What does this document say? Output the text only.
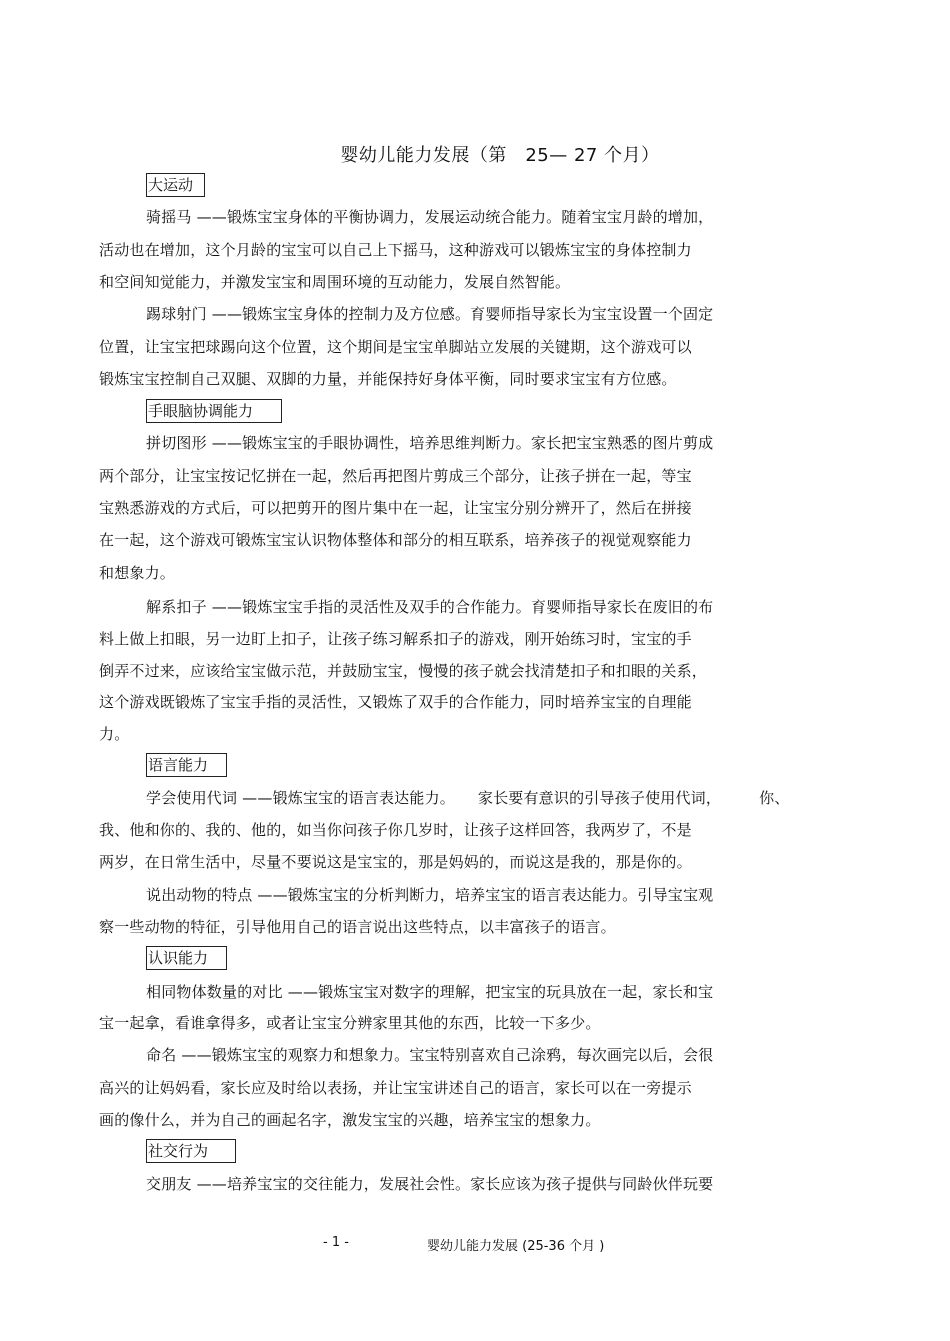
婴幼儿能力发展（第　25— 27 个月）
大运动
骑摇马 ——锻炼宝宝身体的平衡协调力，发展运动统合能力。随着宝宝月龄的增加，
活动也在增加，这个月龄的宝宝可以自己上下摇马，这种游戏可以锻炼宝宝的身体控制力
和空间知觉能力，并激发宝宝和周围环境的互动能力，发展自然智能。
踢球射门 ——锻炼宝宝身体的控制力及方位感。育婴师指导家长为宝宝设置一个固定
位置，让宝宝把球踢向这个位置，这个期间是宝宝单脚站立发展的关键期，这个游戏可以
锻炼宝宝控制自己双腿、双脚的力量，并能保持好身体平衡，同时要求宝宝有方位感。
手眼脑协调能力
拼切图形 ——锻炼宝宝的手眼协调性，培养思维判断力。家长把宝宝熟悉的图片剪成
两个部分，让宝宝按记忆拼在一起，然后再把图片剪成三个部分，让孩子拼在一起，等宝
宝熟悉游戏的方式后，可以把剪开的图片集中在一起，让宝宝分别分辨开了，然后在拼接
在一起，这个游戏可锻炼宝宝认识物体整体和部分的相互联系，培养孩子的视觉观察能力
和想象力。
解系扣子 ——锻炼宝宝手指的灵活性及双手的合作能力。育婴师指导家长在废旧的布
料上做上扣眼，另一边盯上扣子，让孩子练习解系扣子的游戏，刚开始练习时，宝宝的手
倒弄不过来，应该给宝宝做示范，并鼓励宝宝，慢慢的孩子就会找清楚扣子和扣眼的关系，
这个游戏既锻炼了宝宝手指的灵活性，又锻炼了双手的合作能力，同时培养宝宝的自理能
力。
语言能力
学会使用代词 ——锻炼宝宝的语言表达能力。　　家长要有意识的引导孩子使用代词，　　　你、
我、他和你的、我的、他的，如当你问孩子你几岁时，让孩子这样回答，我两岁了，不是
两岁，在日常生活中，尽量不要说这是宝宝的，那是妈妈的，而说这是我的，那是你的。
说出动物的特点 ——锻炼宝宝的分析判断力，培养宝宝的语言表达能力。引导宝宝观
察一些动物的特征，引导他用自己的语言说出这些特点，以丰富孩子的语言。
认识能力
相同物体数量的对比 ——锻炼宝宝对数字的理解，把宝宝的玩具放在一起，家长和宝
宝一起拿，看谁拿得多，或者让宝宝分辨家里其他的东西，比较一下多少。
命名 ——锻炼宝宝的观察力和想象力。宝宝特别喜欢自己涂鸦，每次画完以后，会很
高兴的让妈妈看，家长应及时给以表扬，并让宝宝讲述自己的语言，家长可以在一旁提示
画的像什么，并为自己的画起名字，激发宝宝的兴趣，培养宝宝的想象力。
社交行为
交朋友 ——培养宝宝的交往能力，发展社会性。家长应该为孩子提供与同龄伙伴玩要
- 1 -	婴幼儿能力发展 (25-36 个月 )
